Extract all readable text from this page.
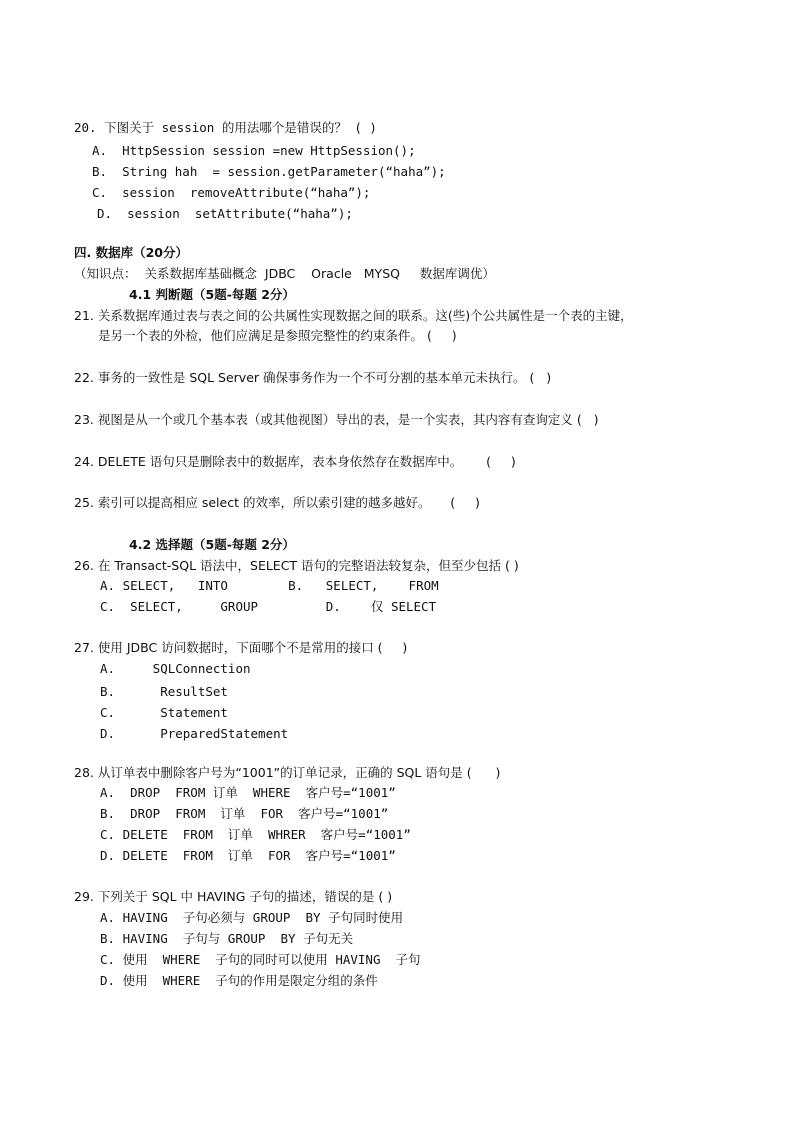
20. 下图关于 session 的用法哪个是错误的？ ( )
A.  HttpSession session =new HttpSession();
B.  String hah  = session.getParameter(“haha”);
C.  session  removeAttribute(“haha”);
D.  session  setAttribute(“haha”);
四. 数据库（20分）
（知识点：  关系数据库基础概念  JDBC    Oracle   MYSQ     数据库调优）
4.1 判断题（5题-每题 2分）
21. 关系数据库通过表与表之间的公共属性实现数据之间的联系。这(些)个公共属性是一个表的主键，
是另一个表的外检，他们应满足是参照完整性的约束条件。 (     )
22. 事务的一致性是 SQL Server 确保事务作为一个不可分割的基本单元未执行。 (   )
23. 视图是从一个或几个基本表（或其他视图）导出的表，是一个实表，其内容有查询定义 (   )
24. DELETE 语句只是删除表中的数据库，表本身依然存在数据库中。      (     )
25. 索引可以提高相应 select 的效率，所以索引建的越多越好。     (     )
4.2 选择题（5题-每题 2分）
26. 在 Transact-SQL 语法中，SELECT 语句的完整语法较复杂，但至少包括 ( )
A. SELECT,   INTO        B.   SELECT,    FROM
C.  SELECT,     GROUP         D.    仅 SELECT
27. 使用 JDBC 访问数据时，下面哪个不是常用的接口 (     )
A.     SQLConnection
B.      ResultSet
C.      Statement
D.      PreparedStatement
28. 从订单表中删除客户号为“1001”的订单记录，正确的 SQL 语句是 (      )
A.  DROP  FROM 订单  WHERE  客户号=“1001”
B.  DROP  FROM  订单  FOR  客户号=“1001”
C. DELETE  FROM  订单  WHRER  客户号=“1001”
D. DELETE  FROM  订单  FOR  客户号=“1001”
29. 下列关于 SQL 中 HAVING 子句的描述，错误的是 ( )
A. HAVING  子句必须与 GROUP  BY 子句同时使用
B. HAVING  子句与 GROUP  BY 子句无关
C. 使用  WHERE  子句的同时可以使用 HAVING  子句
D. 使用  WHERE  子句的作用是限定分组的条件
